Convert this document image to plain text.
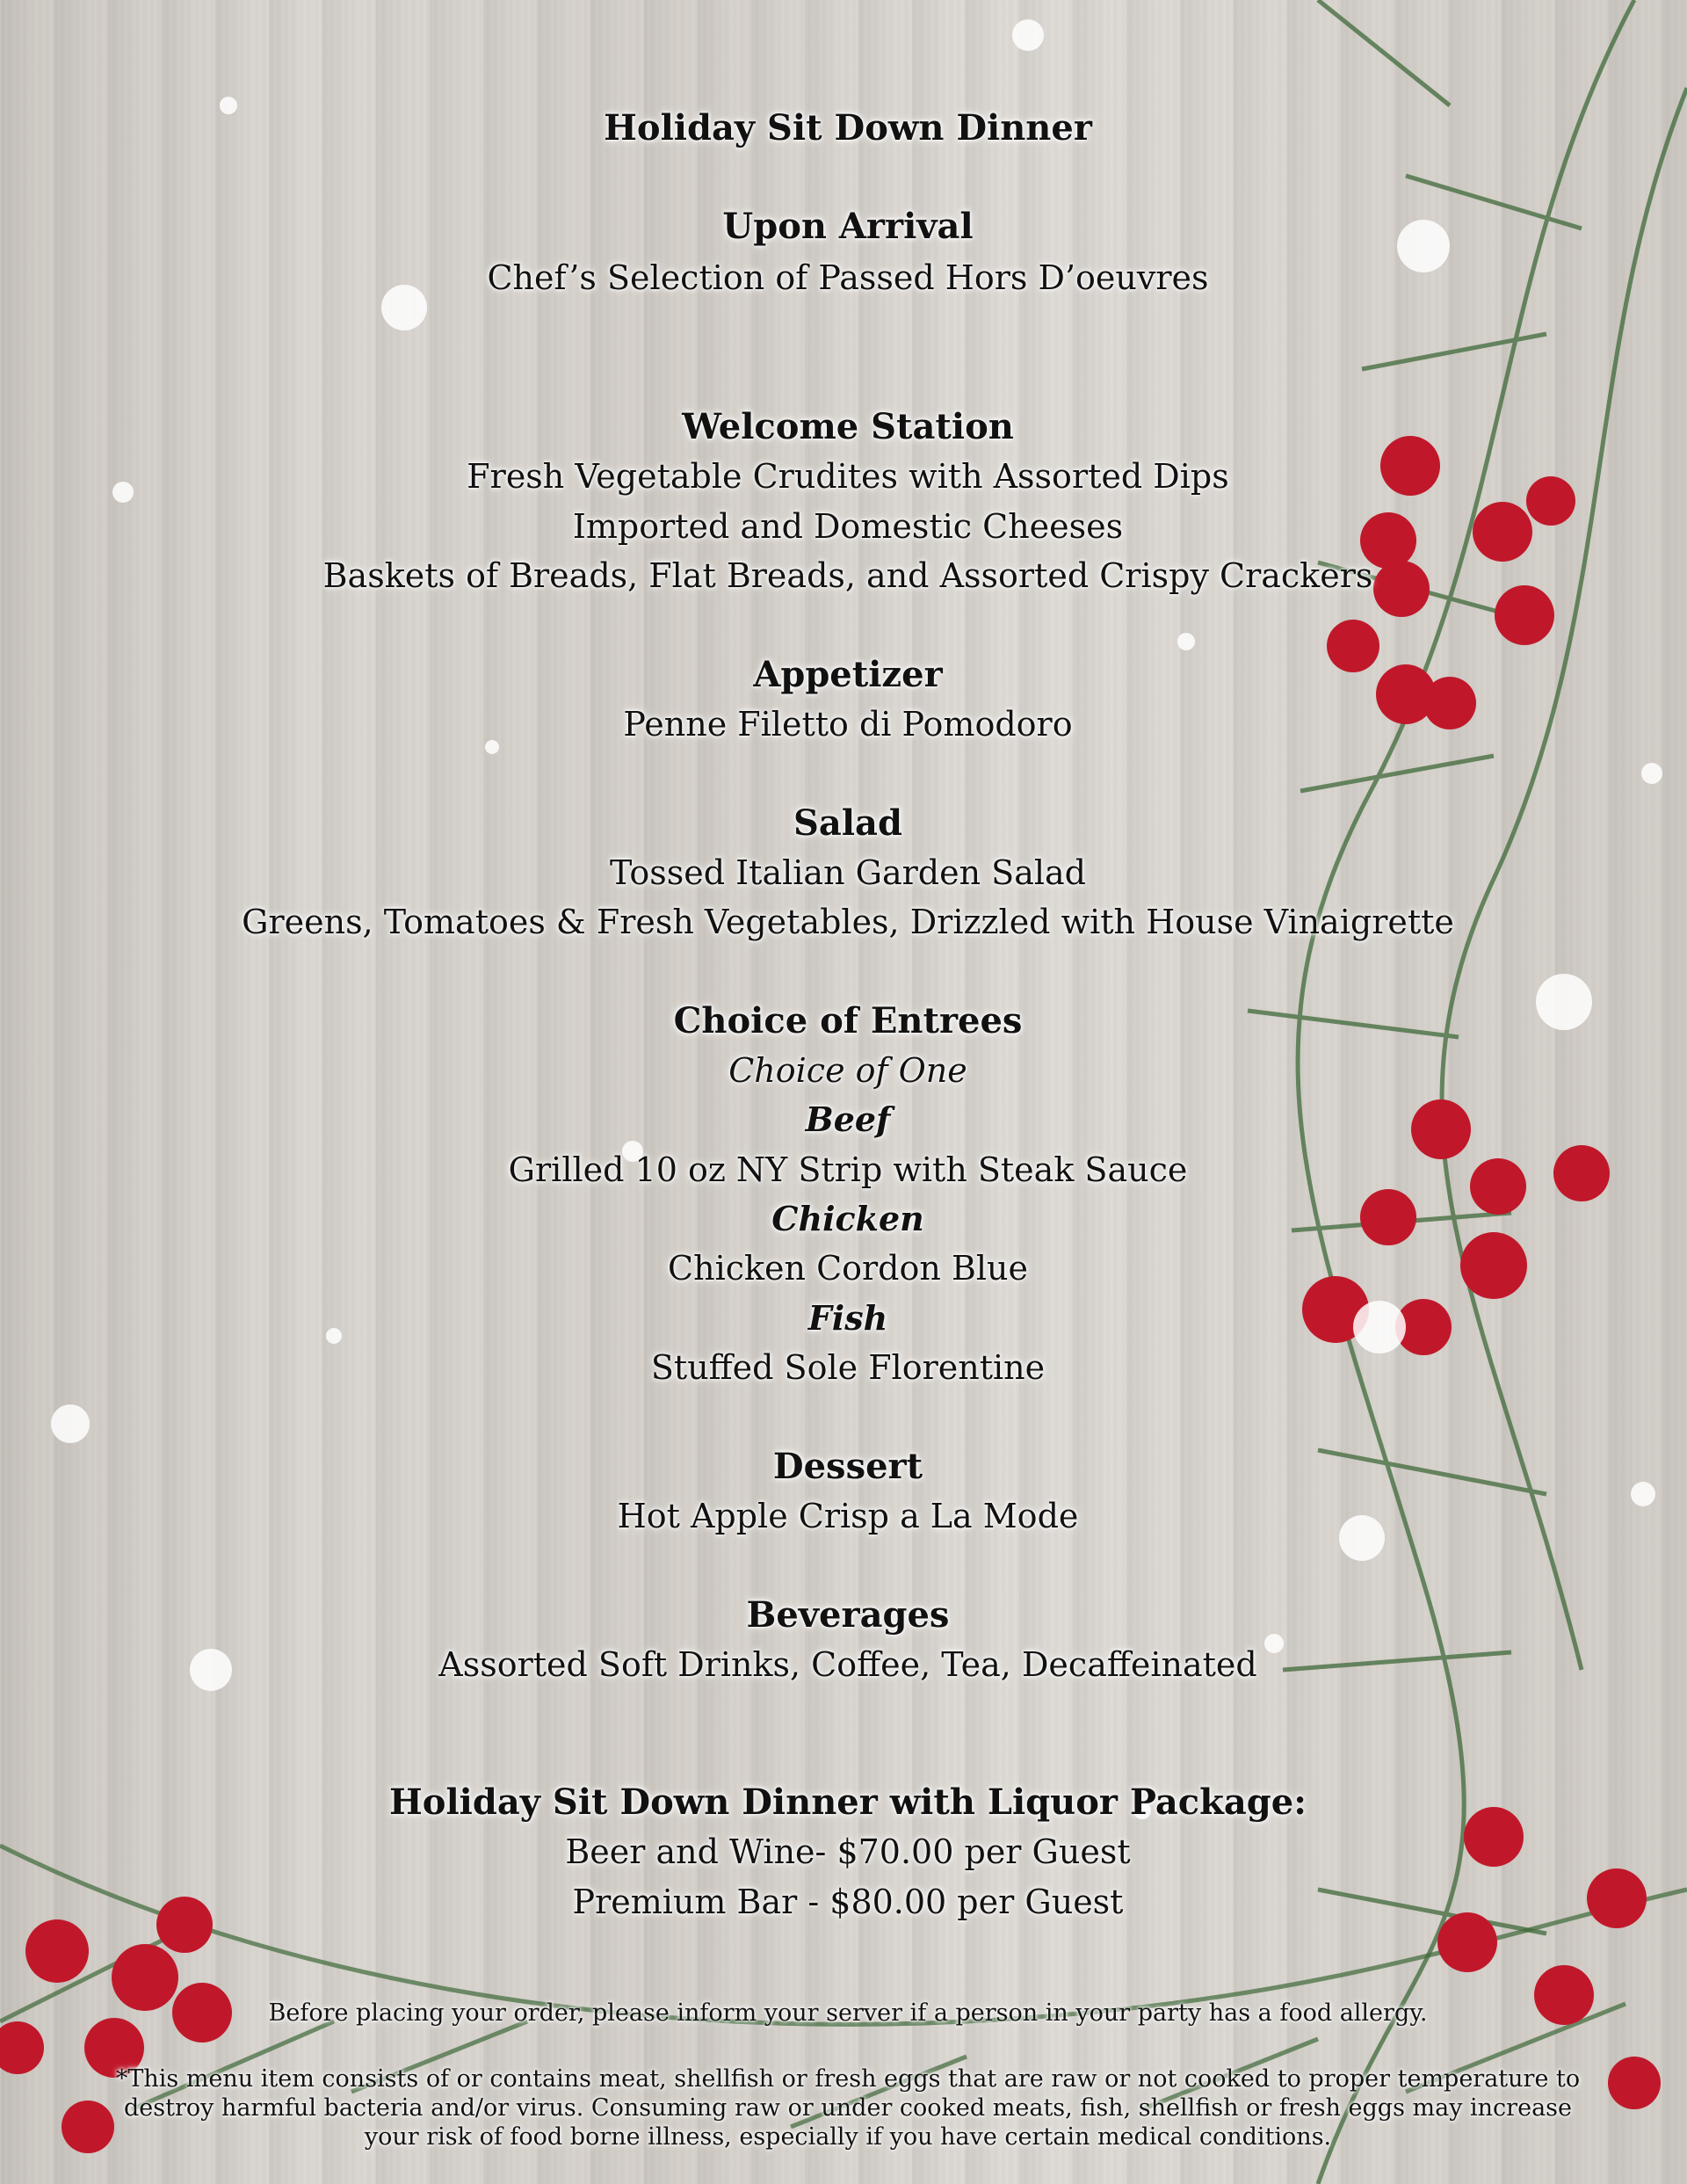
Holiday Sit Down Dinner
Upon Arrival
Chef’s Selection of Passed Hors D’oeuvres
Welcome Station
Fresh Vegetable Crudites with Assorted Dips
Imported and Domestic Cheeses
Baskets of Breads, Flat Breads, and Assorted Crispy Crackers
Appetizer
Penne Filetto di Pomodoro
Salad
Tossed Italian Garden Salad
Greens, Tomatoes & Fresh Vegetables, Drizzled with House Vinaigrette
Choice of Entrees
Choice of One
Beef
Grilled 10 oz NY Strip with Steak Sauce
Chicken
Chicken Cordon Blue
Fish
Stuffed Sole Florentine
Dessert
Hot Apple Crisp a La Mode
Beverages
Assorted Soft Drinks, Coffee, Tea, Decaffeinated
Holiday Sit Down Dinner with Liquor Package:
Beer and Wine- $70.00 per Guest
Premium Bar - $80.00 per Guest
Before placing your order, please inform your server if a person in your party has a food allergy.
*This menu item consists of or contains meat, shellfish or fresh eggs that are raw or not cooked to proper temperature to
destroy harmful bacteria and/or virus. Consuming raw or under cooked meats, fish, shellfish or fresh eggs may increase
your risk of food borne illness, especially if you have certain medical conditions.
